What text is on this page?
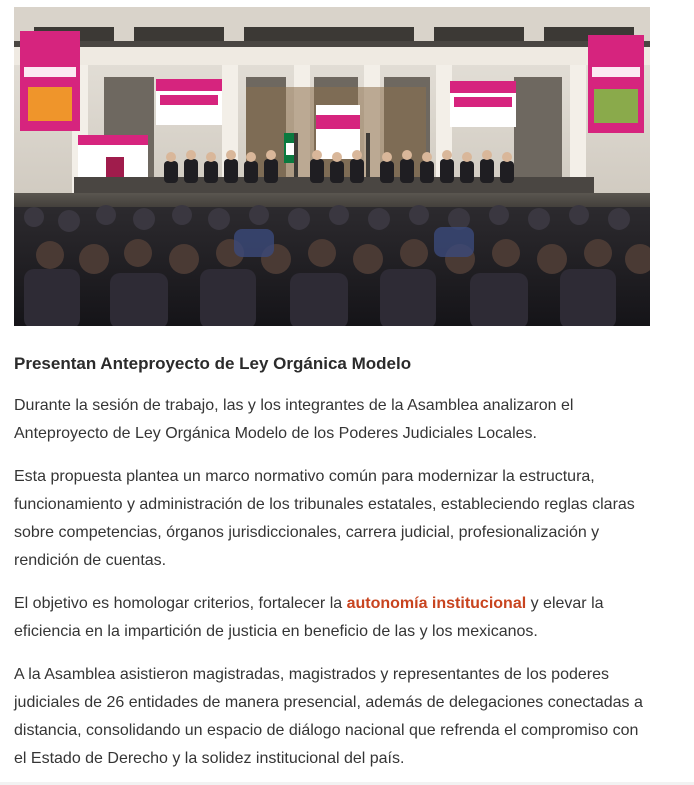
Presentan Anteproyecto de Ley Orgánica Modelo

Durante la sesión de trabajo, las y los integrantes de la Asamblea analizaron el Anteproyecto de Ley Orgánica Modelo de los Poderes Judiciales Locales.

Esta propuesta plantea un marco normativo común para modernizar la estructura, funcionamiento y administración de los tribunales estatales, estableciendo reglas claras sobre competencias, órganos jurisdiccionales, carrera judicial, profesionalización y rendición de cuentas.

El objetivo es homologar criterios, fortalecer la autonomía institucional y elevar la eficiencia en la impartición de justicia en beneficio de las y los mexicanos.

A la Asamblea asistieron magistradas, magistrados y representantes de los poderes judiciales de 26 entidades de manera presencial, además de delegaciones conectadas a distancia, consolidando un espacio de diálogo nacional que refrenda el compromiso con el Estado de Derecho y la solidez institucional del país.
